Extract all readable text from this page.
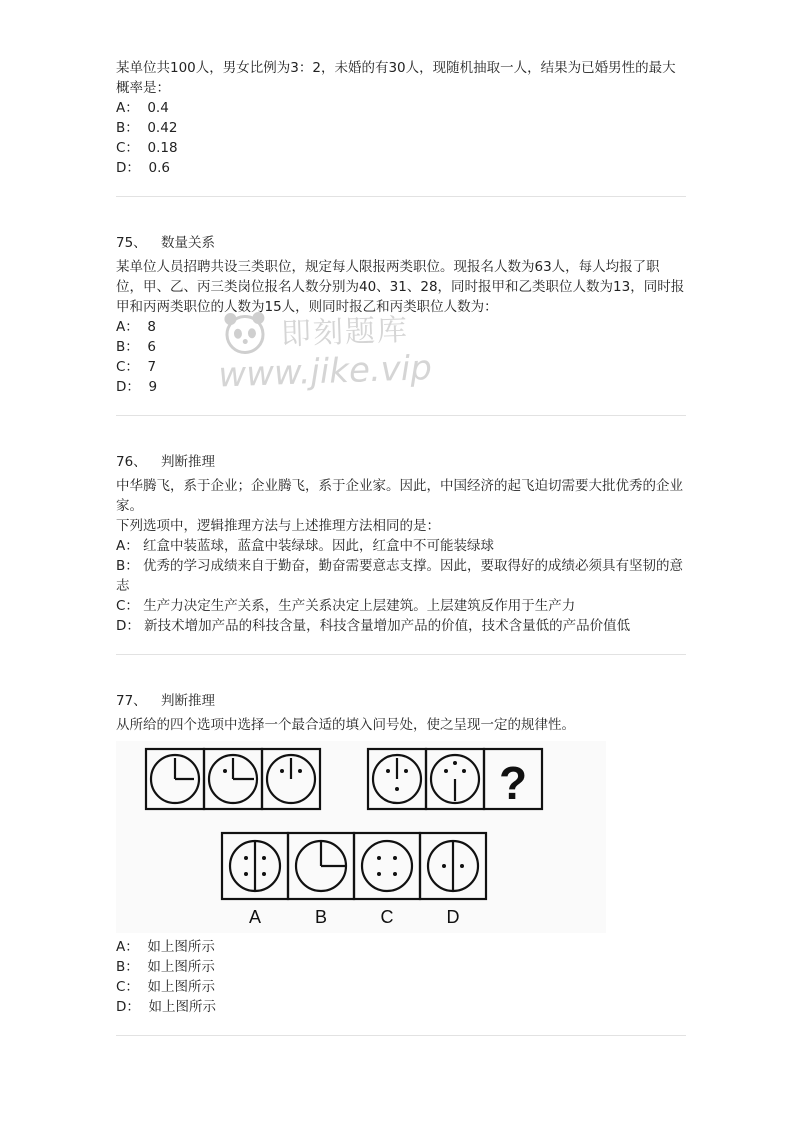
某单位共100人，男女比例为3：2，未婚的有30人，现随机抽取一人，结果为已婚男性的最大概率是：

A：  0.4
B：  0.42
C：  0.18
D：  0.6
75、 数量关系

某单位人员招聘共设三类职位，规定每人限报两类职位。现报名人数为63人，每人均报了职位，甲、乙、丙三类岗位报名人数分别为40、31、28，同时报甲和乙类职位人数为13，同时报甲和丙两类职位的人数为15人，则同时报乙和丙类职位人数为：

A：  8
B：  6
C：  7
D：  9
76、 判断推理

中华腾飞，系于企业；企业腾飞，系于企业家。因此，中国经济的起飞迫切需要大批优秀的企业家。

下列选项中，逻辑推理方法与上述推理方法相同的是：

A： 红盒中装蓝球，蓝盒中装绿球。因此，红盒中不可能装绿球

B： 优秀的学习成绩来自于勤奋，勤奋需要意志支撑。因此，要取得好的成绩必须具有坚韧的意志

C： 生产力决定生产关系，生产关系决定上层建筑。上层建筑反作用于生产力

D： 新技术增加产品的科技含量，科技含量增加产品的价值，技术含量低的产品价值低

77、 判断推理

从所给的四个选项中选择一个最合适的填入问号处，使之呈现一定的规律性。

?
A	B	C	D
A：  如上图所示
B：  如上图所示
C：  如上图所示
D：  如上图所示
即刻题库
www.jike.vip
